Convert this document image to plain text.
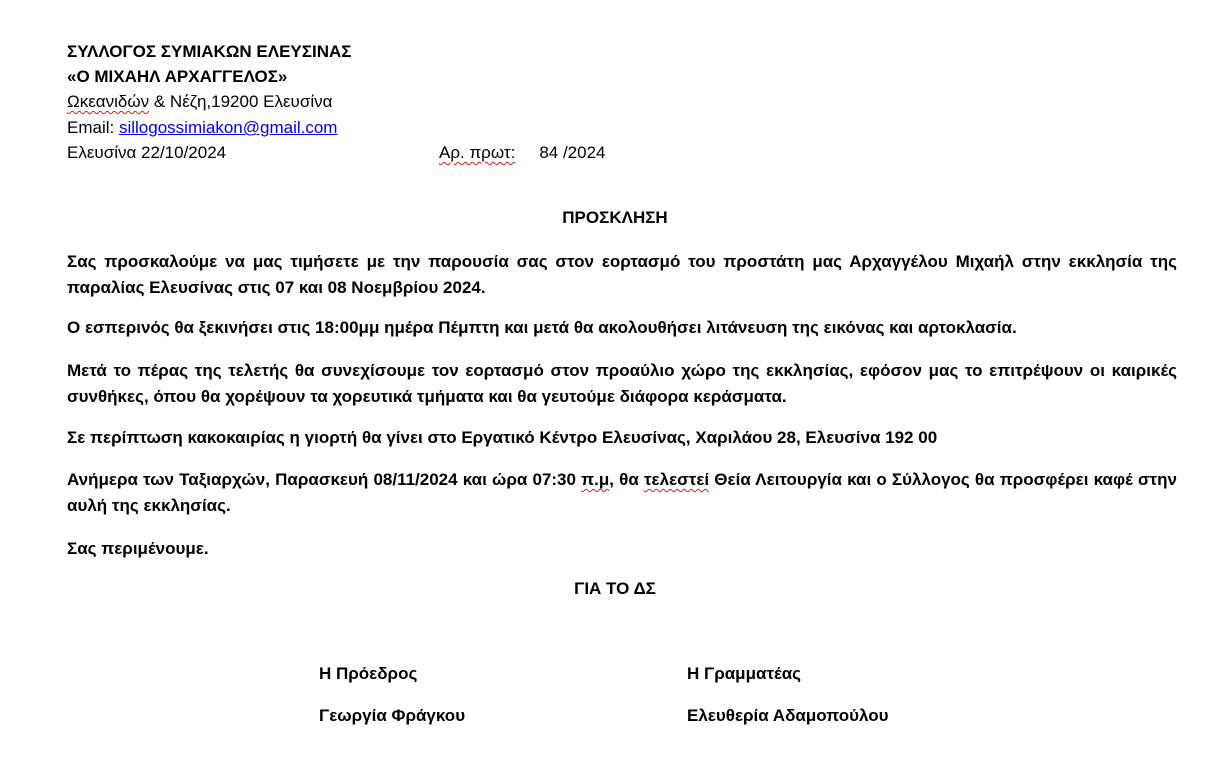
ΣΥΛΛΟΓΟΣ ΣΥΜΙΑΚΩΝ ΕΛΕΥΣΙΝΑΣ
«Ο ΜΙΧΑΗΛ ΑΡΧΑΓΓΕΛΟΣ»
Ωκεανιδών & Νέζη,19200 Ελευσίνα
Email: sillogossimiakon@gmail.com
Ελευσίνα 22/10/2024	Αρ. πρωτ: 84 /2024
ΠΡΟΣΚΛΗΣΗ
Σας προσκαλούμε να μας τιμήσετε με την παρουσία σας στον εορτασμό του προστάτη μας Αρχαγγέλου Μιχαήλ στην εκκλησία της παραλίας Ελευσίνας στις 07 και 08 Νοεμβρίου 2024.
Ο εσπερινός θα ξεκινήσει στις 18:00μμ ημέρα Πέμπτη και μετά θα ακολουθήσει λιτάνευση της εικόνας και αρτοκλασία.
Μετά το πέρας της τελετής θα συνεχίσουμε τον εορτασμό στον προαύλιο χώρο της εκκλησίας, εφόσον μας το επιτρέψουν οι καιρικές συνθήκες, όπου θα χορέψουν τα χορευτικά τμήματα και θα γευτούμε διάφορα κεράσματα.
Σε περίπτωση κακοκαιρίας η γιορτή θα γίνει στο Εργατικό Κέντρο Ελευσίνας, Χαριλάου 28, Ελευσίνα 192 00
Ανήμερα των Ταξιαρχών, Παρασκευή 08/11/2024 και ώρα 07:30 π.μ, θα τελεστεί Θεία Λειτουργία και ο Σύλλογος θα προσφέρει καφέ στην αυλή της εκκλησίας.
Σας περιμένουμε.
ΓΙΑ ΤΟ ΔΣ
Η Πρόεδρος
Γεωργία Φράγκου
Η Γραμματέας
Ελευθερία Αδαμοπούλου
